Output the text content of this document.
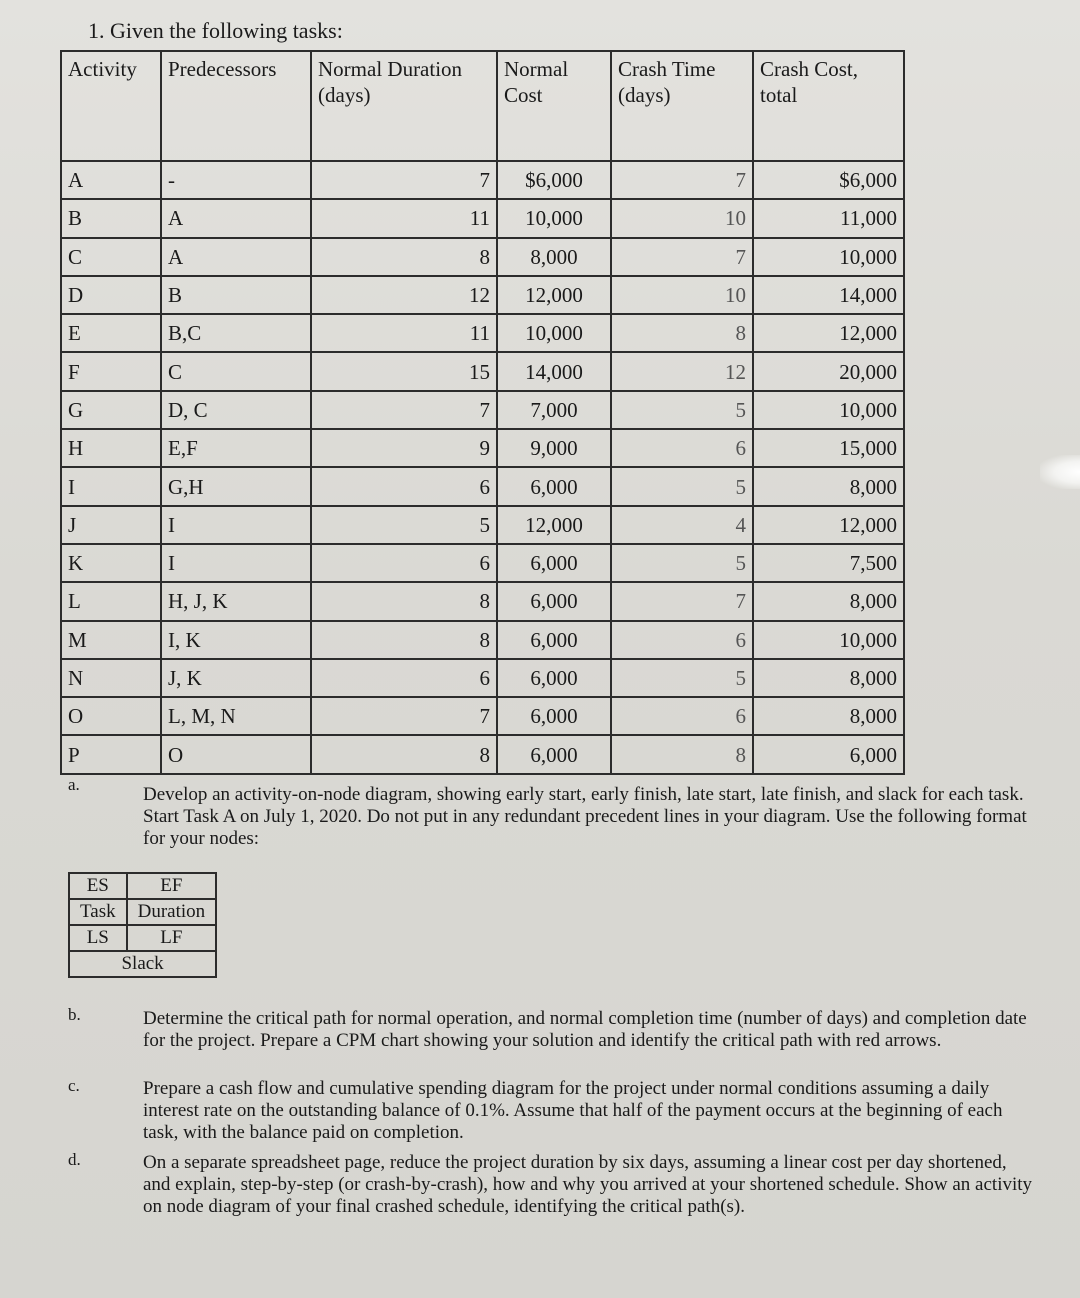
1. Given the following tasks:
Activity	Predecessors	Normal Duration (days)	Normal Cost	Crash Time (days)	Crash Cost, total
A	-	7	$6,000	7	$6,000
B	A	11	10,000	10	11,000
C	A	8	8,000	7	10,000
D	B	12	12,000	10	14,000
E	B,C	11	10,000	8	12,000
F	C	15	14,000	12	20,000
G	D, C	7	7,000	5	10,000
H	E,F	9	9,000	6	15,000
I	G,H	6	6,000	5	8,000
J	I	5	12,000	4	12,000
K	I	6	6,000	5	7,500
L	H, J, K	8	6,000	7	8,000
M	I, K	8	6,000	6	10,000
N	J, K	6	6,000	5	8,000
O	L, M, N	7	6,000	6	8,000
P	O	8	6,000	8	6,000
a.	Develop an activity-on-node diagram, showing early start, early finish, late start, late finish, and slack for each task. Start Task A on July 1, 2020. Do not put in any redundant precedent lines in your diagram. Use the following format for your nodes:
ES	EF
Task	Duration
LS	LF
Slack	
b.	Determine the critical path for normal operation, and normal completion time (number of days) and completion date for the project. Prepare a CPM chart showing your solution and identify the critical path with red arrows.
c.	Prepare a cash flow and cumulative spending diagram for the project under normal conditions assuming a daily interest rate on the outstanding balance of 0.1%. Assume that half of the payment occurs at the beginning of each task, with the balance paid on completion.
d.	On a separate spreadsheet page, reduce the project duration by six days, assuming a linear cost per day shortened, and explain, step-by-step (or crash-by-crash), how and why you arrived at your shortened schedule. Show an activity on node diagram of your final crashed schedule, identifying the critical path(s).
